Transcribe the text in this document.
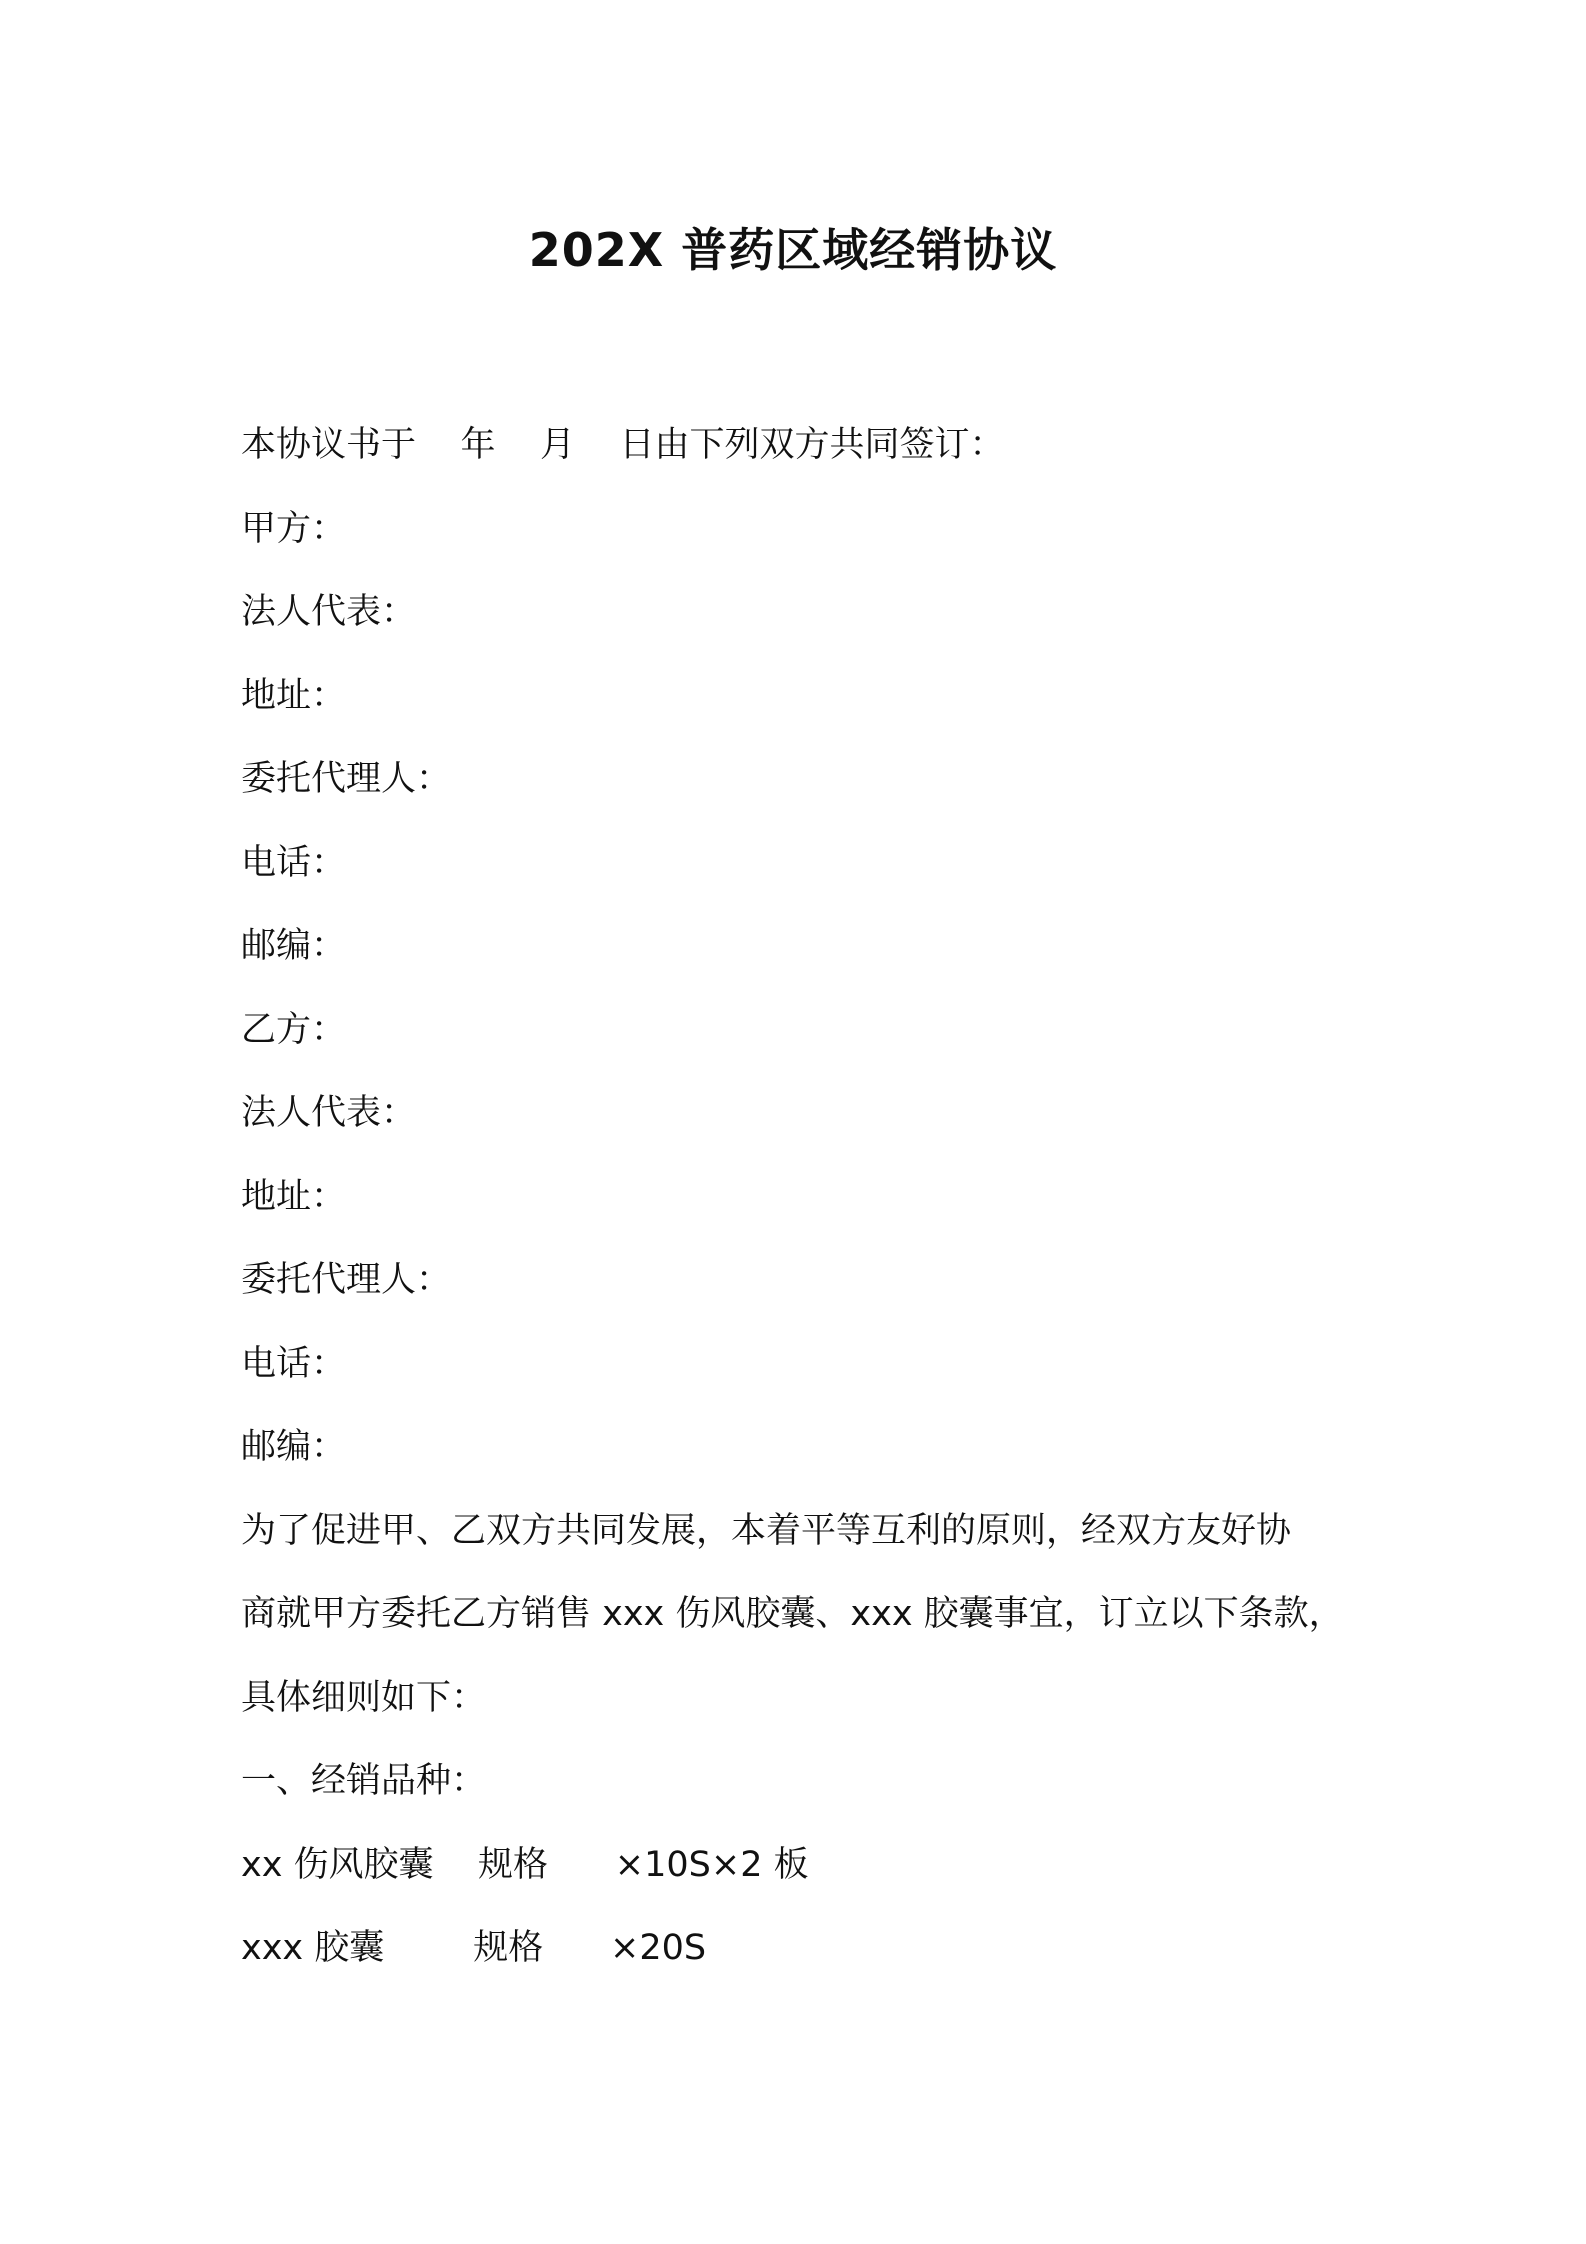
202X 普药区域经销协议
本协议书于    年    月    日由下列双方共同签订：
甲方：
法人代表：
地址：
委托代理人：
电话：
邮编：
乙方：
法人代表：
地址：
委托代理人：
电话：
邮编：
为了促进甲、乙双方共同发展，本着平等互利的原则，经双方友好协
商就甲方委托乙方销售 xxx 伤风胶囊、xxx 胶囊事宜，订立以下条款，
具体细则如下：
一、经销品种：
xx 伤风胶囊    规格      ×10S×2 板
xxx 胶囊        规格      ×20S
